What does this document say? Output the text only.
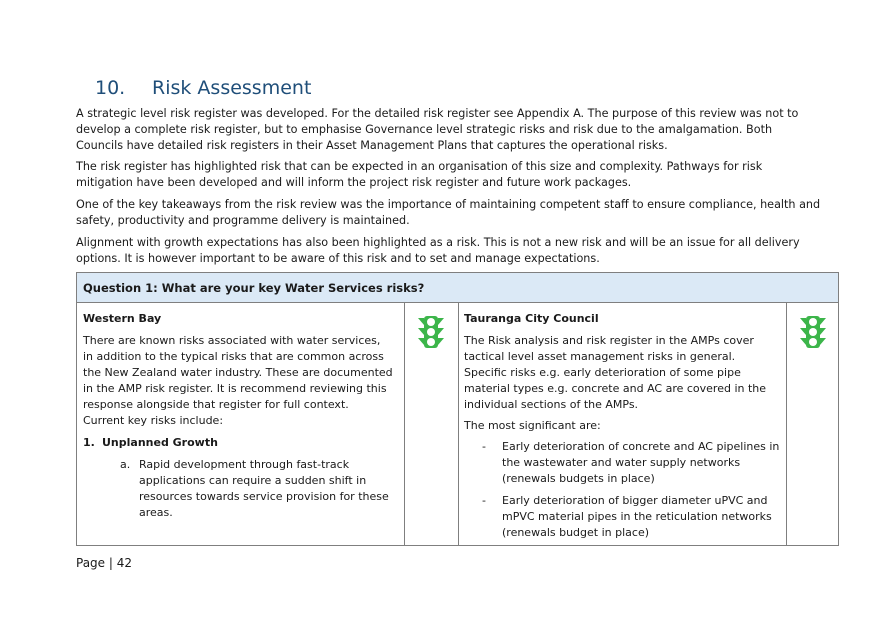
10. Risk Assessment

A strategic level risk register was developed. For the detailed risk register see Appendix A. The purpose of this review was not to develop a complete risk register, but to emphasise Governance level strategic risks and risk due to the amalgamation. Both Councils have detailed risk registers in their Asset Management Plans that captures the operational risks.

The risk register has highlighted risk that can be expected in an organisation of this size and complexity. Pathways for risk mitigation have been developed and will inform the project risk register and future work packages.

One of the key takeaways from the risk review was the importance of maintaining competent staff to ensure compliance, health and safety, productivity and programme delivery is maintained.

Alignment with growth expectations has also been highlighted as a risk. This is not a new risk and will be an issue for all delivery options. It is however important to be aware of this risk and to set and manage expectations.

Question 1: What are your key Water Services risks?
Western Bay

There are known risks associated with water services, in addition to the typical risks that are common across the New Zealand water industry. These are documented in the AMP risk register. It is recommend reviewing this response alongside that register for full context. Current key risks include:

1. Unplanned Growth
a. Rapid development through fast-track applications can require a sudden shift in resources towards service provision for these areas.
Tauranga City Council

The Risk analysis and risk register in the AMPs cover tactical level asset management risks in general. Specific risks e.g. early deterioration of some pipe material types e.g. concrete and AC are covered in the individual sections of the AMPs.

The most significant are:

- Early deterioration of concrete and AC pipelines in the wastewater and water supply networks (renewals budgets in place)
- Early deterioration of bigger diameter uPVC and mPVC material pipes in the reticulation networks (renewals budget in place)
Page | 42
